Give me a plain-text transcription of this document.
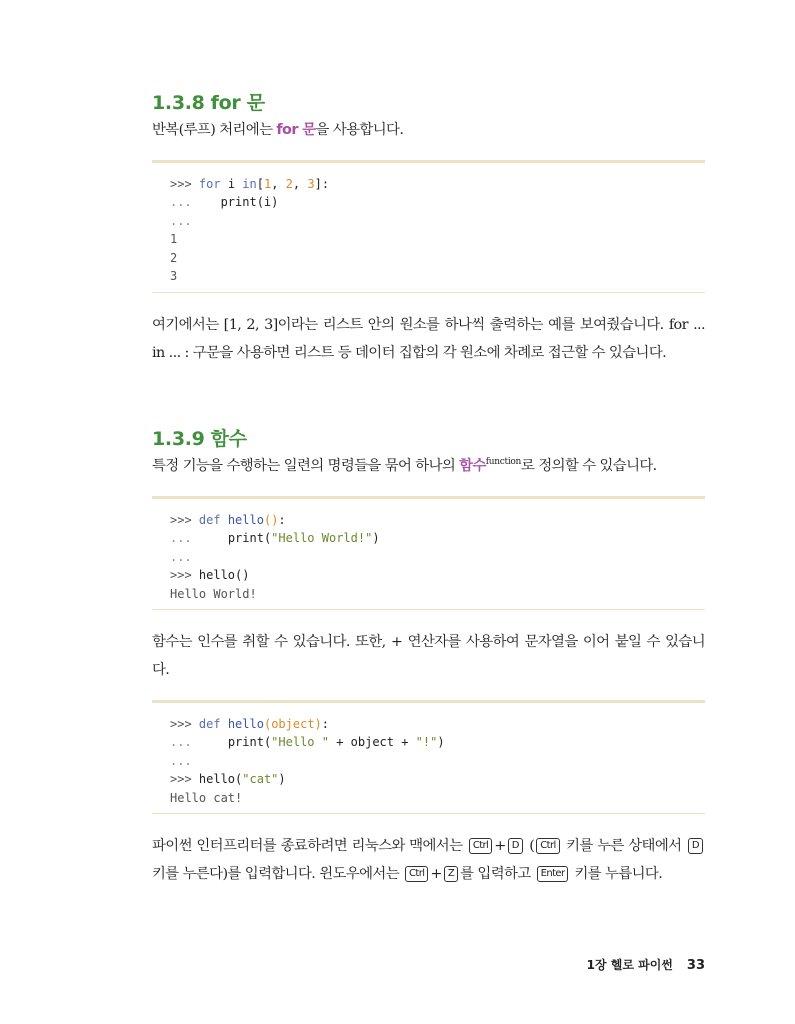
1.3.8 for 문

반복(루프) 처리에는 for 문을 사용합니다.

>>> for i in[1, 2, 3]:
...    print(i)
...
1
2
3

여기에서는 [1, 2, 3]이라는 리스트 안의 원소를 하나씩 출력하는 예를 보여줬습니다. for ... in ... : 구문을 사용하면 리스트 등 데이터 집합의 각 원소에 차례로 접근할 수 있습니다.

1.3.9 함수

특정 기능을 수행하는 일련의 명령들을 묶어 하나의 함수$^{function}$로 정의할 수 있습니다.

>>> def hello():
...     print("Hello World!")
...
>>> hello()
Hello World!

함수는 인수를 취할 수 있습니다. 또한, + 연산자를 사용하여 문자열을 이어 붙일 수 있습니다.

>>> def hello(object):
...     print("Hello " + object + "!")
...
>>> hello("cat")
Hello cat!

파이썬 인터프리터를 종료하려면 리눅스와 맥에서는 Ctrl + D ( Ctrl 키를 누른 상태에서 D 키를 누른다)를 입력합니다. 윈도우에서는 Ctrl + Z 를 입력하고 Enter 키를 누릅니다.

1장 헬로 파이썬 33
